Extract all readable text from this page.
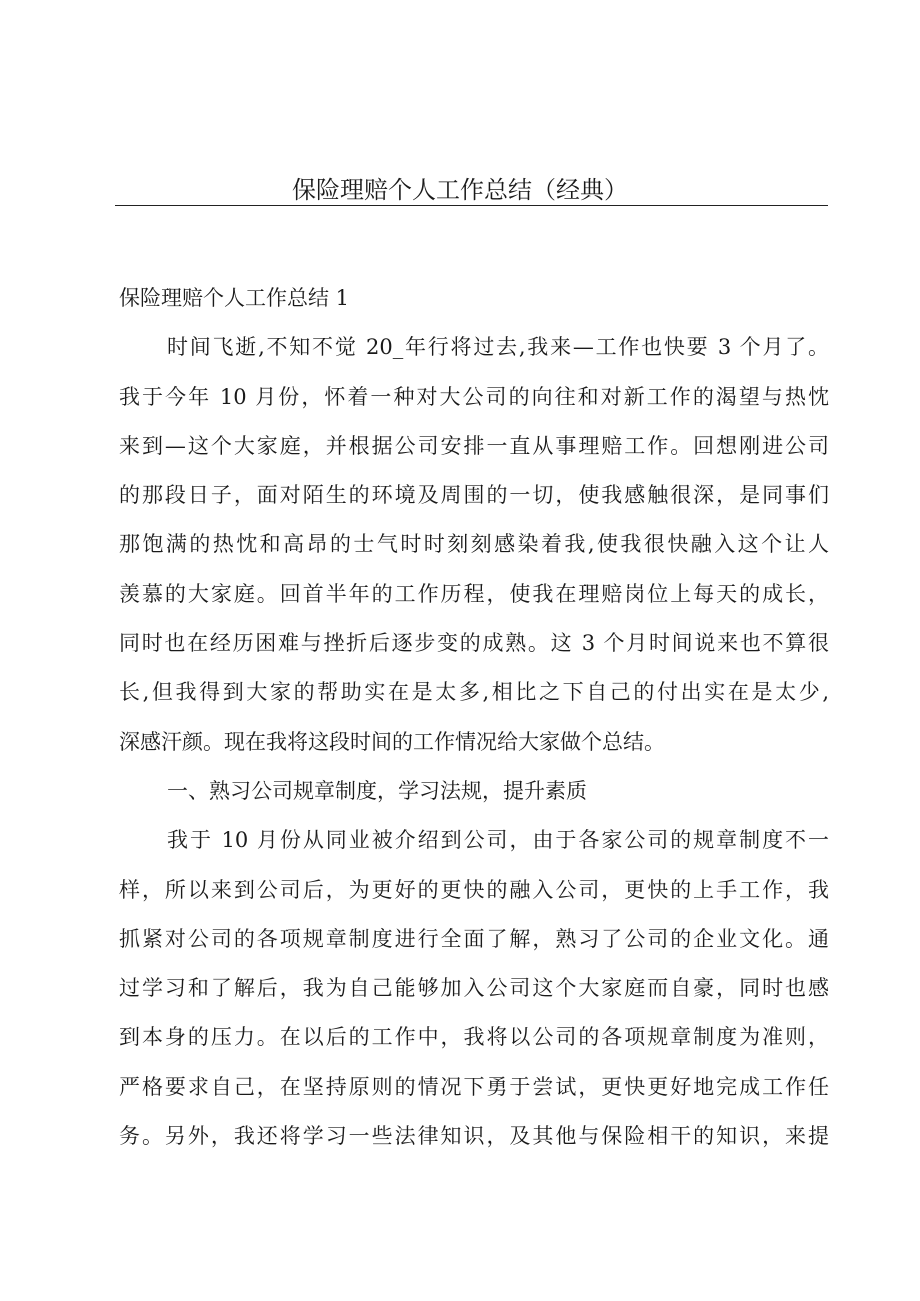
保险理赔个人工作总结（经典）
保险理赔个人工作总结 1
时间飞逝,不知不觉 20_年行将过去,我来—工作也快要 3 个月了。
我于今年 10 月份，怀着一种对大公司的向往和对新工作的渴望与热忱
来到—这个大家庭，并根据公司安排一直从事理赔工作。回想刚进公司
的那段日子，面对陌生的环境及周围的一切，使我感触很深，是同事们
那饱满的热忱和高昂的士气时时刻刻感染着我,使我很快融入这个让人
羡慕的大家庭。回首半年的工作历程，使我在理赔岗位上每天的成长，
同时也在经历困难与挫折后逐步变的成熟。这 3 个月时间说来也不算很
长,但我得到大家的帮助实在是太多,相比之下自己的付出实在是太少,
深感汗颜。现在我将这段时间的工作情况给大家做个总结。
一、熟习公司规章制度，学习法规，提升素质
我于 10 月份从同业被介绍到公司，由于各家公司的规章制度不一
样，所以来到公司后，为更好的更快的融入公司，更快的上手工作，我
抓紧对公司的各项规章制度进行全面了解，熟习了公司的企业文化。通
过学习和了解后，我为自己能够加入公司这个大家庭而自豪，同时也感
到本身的压力。在以后的工作中，我将以公司的各项规章制度为准则，
严格要求自己，在坚持原则的情况下勇于尝试，更快更好地完成工作任
务。另外，我还将学习一些法律知识，及其他与保险相干的知识，来提
